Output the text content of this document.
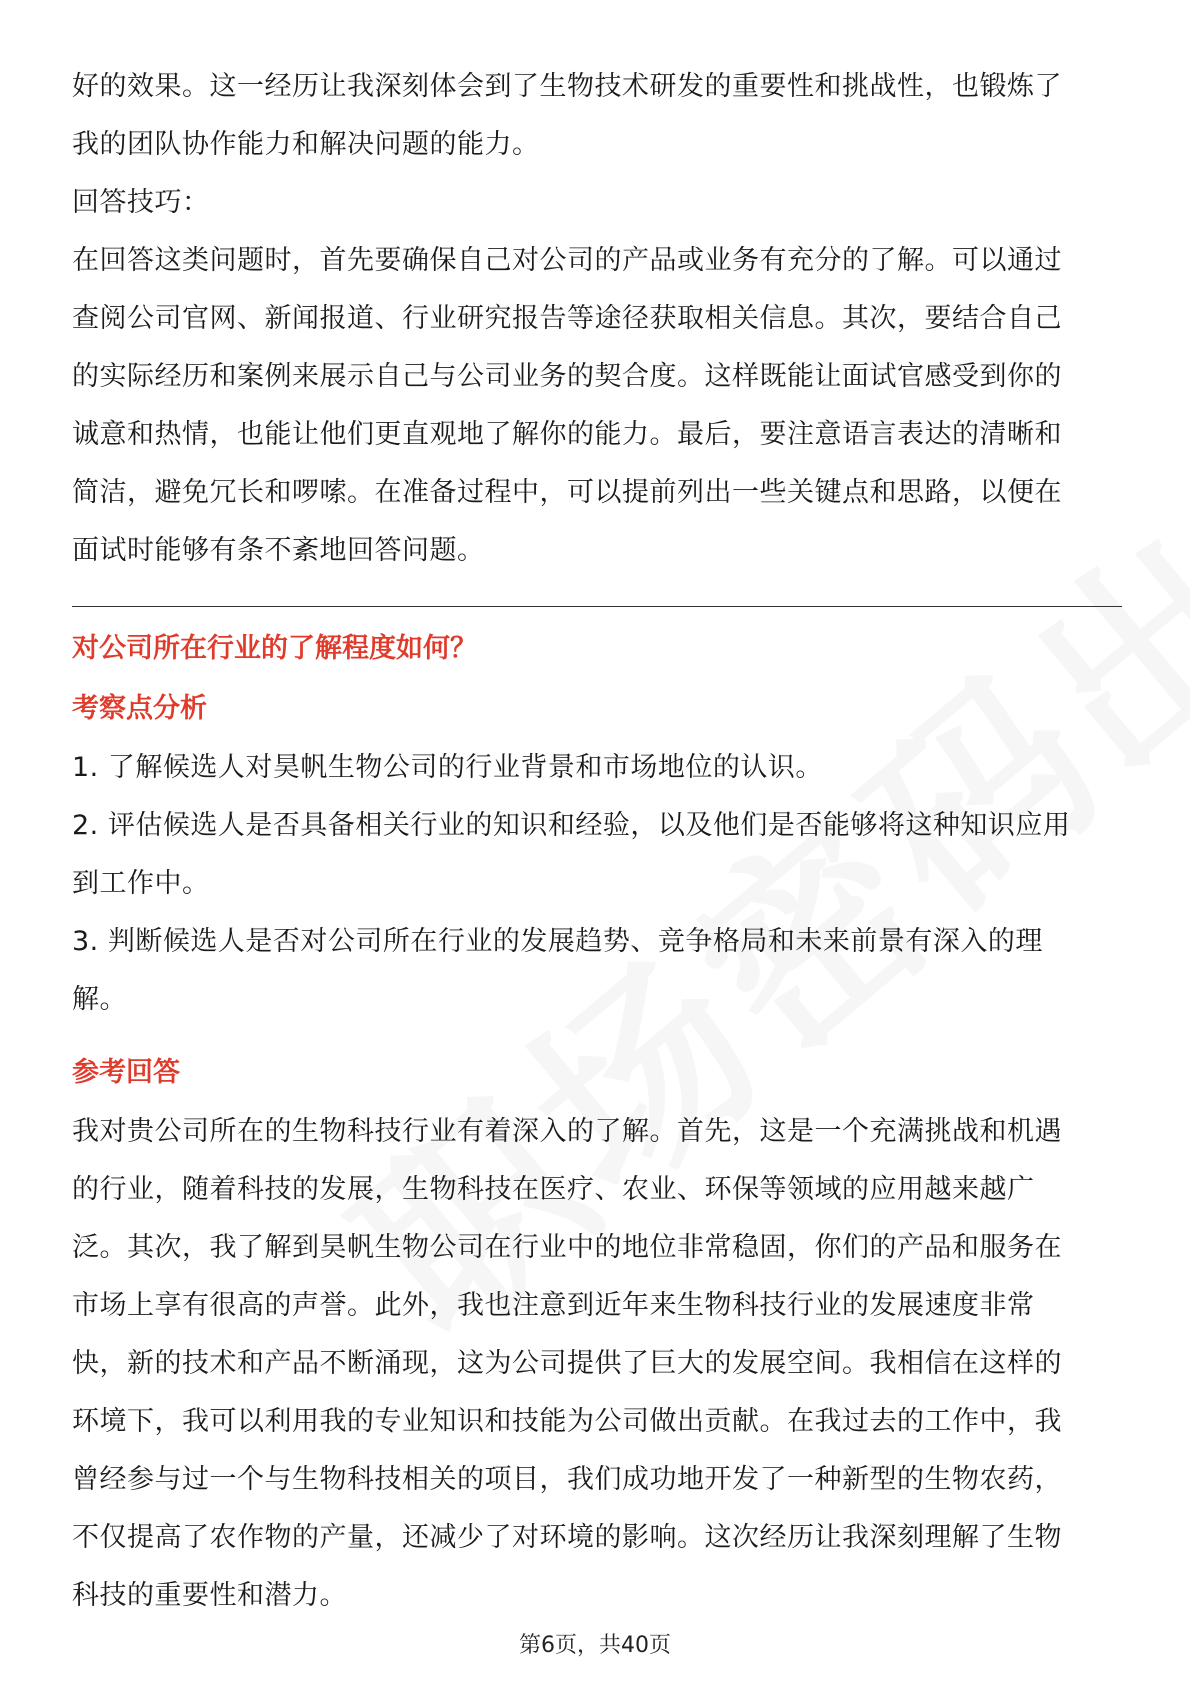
好的效果。这一经历让我深刻体会到了生物技术研发的重要性和挑战性，也锻炼了

我的团队协作能力和解决问题的能力。

回答技巧：

在回答这类问题时，首先要确保自己对公司的产品或业务有充分的了解。可以通过

查阅公司官网、新闻报道、行业研究报告等途径获取相关信息。其次，要结合自己

的实际经历和案例来展示自己与公司业务的契合度。这样既能让面试官感受到你的

诚意和热情，也能让他们更直观地了解你的能力。最后，要注意语言表达的清晰和

简洁，避免冗长和啰嗦。在准备过程中，可以提前列出一些关键点和思路，以便在

面试时能够有条不紊地回答问题。

对公司所在行业的了解程度如何？

考察点分析

1. 了解候选人对昊帆生物公司的行业背景和市场地位的认识。

2. 评估候选人是否具备相关行业的知识和经验，以及他们是否能够将这种知识应用

到工作中。

3. 判断候选人是否对公司所在行业的发展趋势、竞争格局和未来前景有深入的理

解。

参考回答

我对贵公司所在的生物科技行业有着深入的了解。首先，这是一个充满挑战和机遇

的行业，随着科技的发展，生物科技在医疗、农业、环保等领域的应用越来越广

泛。其次，我了解到昊帆生物公司在行业中的地位非常稳固，你们的产品和服务在

市场上享有很高的声誉。此外，我也注意到近年来生物科技行业的发展速度非常

快，新的技术和产品不断涌现，这为公司提供了巨大的发展空间。我相信在这样的

环境下，我可以利用我的专业知识和技能为公司做出贡献。在我过去的工作中，我

曾经参与过一个与生物科技相关的项目，我们成功地开发了一种新型的生物农药，

不仅提高了农作物的产量，还减少了对环境的影响。这次经历让我深刻理解了生物

科技的重要性和潜力。

第6页，共40页
